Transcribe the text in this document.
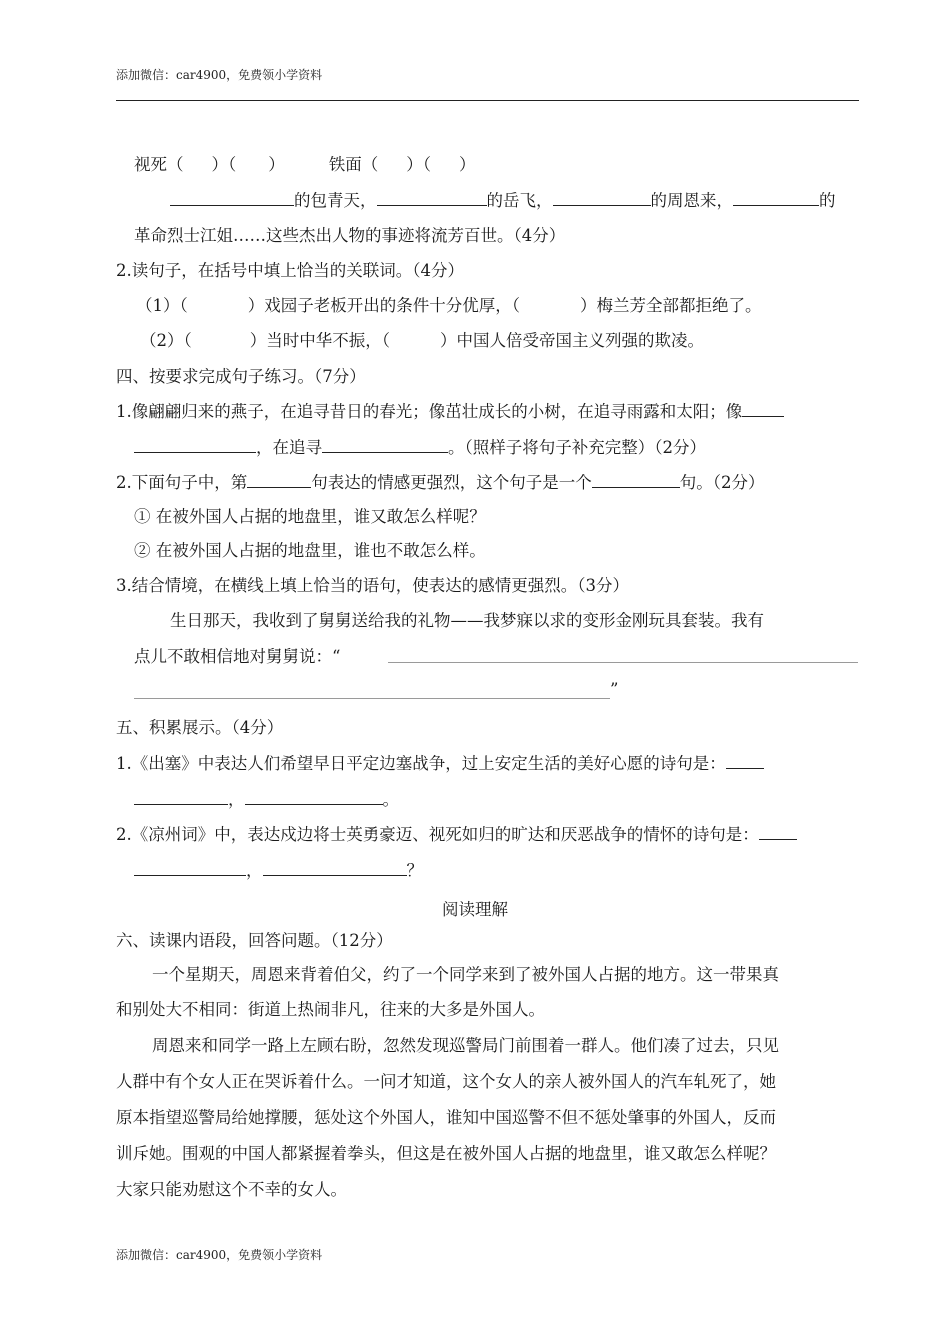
添加微信：car4900，免费领小学资料
视死（ ）（ ）	铁面（ ）（ ）
的包青天，	的岳飞，	的周恩来，	的
革命烈士江姐……这些杰出人物的事迹将流芳百世。（4分）
2.读句子，在括号中填上恰当的关联词。（4分）
（1）（	）戏园子老板开出的条件十分优厚，（	）梅兰芳全部都拒绝了。
（2）（	）当时中华不振，（	）中国人倍受帝国主义列强的欺凌。
四、按要求完成句子练习。（7分）
1.像翩翩归来的燕子，在追寻昔日的春光；像茁壮成长的小树，在追寻雨露和太阳；像
，在追寻	。（照样子将句子补充完整）（2分）
2.下面句子中，第	句表达的情感更强烈，这个句子是一个	句。（2分）
① 在被外国人占据的地盘里，谁又敢怎么样呢？
② 在被外国人占据的地盘里，谁也不敢怎么样。
3.结合情境，在横线上填上恰当的语句，使表达的感情更强烈。（3分）
生日那天，我收到了舅舅送给我的礼物——我梦寐以求的变形金刚玩具套装。我有
点儿不敢相信地对舅舅说：“
”
五、积累展示。（4分）
1.《出塞》中表达人们希望早日平定边塞战争，过上安定生活的美好心愿的诗句是：
，	。
2.《凉州词》中，表达戍边将士英勇豪迈、视死如归的旷达和厌恶战争的情怀的诗句是：
，	？
阅读理解
六、读课内语段，回答问题。（12分）
一个星期天，周恩来背着伯父，约了一个同学来到了被外国人占据的地方。这一带果真
和别处大不相同：街道上热闹非凡，往来的大多是外国人。
周恩来和同学一路上左顾右盼，忽然发现巡警局门前围着一群人。他们凑了过去，只见
人群中有个女人正在哭诉着什么。一问才知道，这个女人的亲人被外国人的汽车轧死了，她
原本指望巡警局给她撑腰，惩处这个外国人，谁知中国巡警不但不惩处肇事的外国人，反而
训斥她。围观的中国人都紧握着拳头，但这是在被外国人占据的地盘里，谁又敢怎么样呢？
大家只能劝慰这个不幸的女人。
添加微信：car4900，免费领小学资料
